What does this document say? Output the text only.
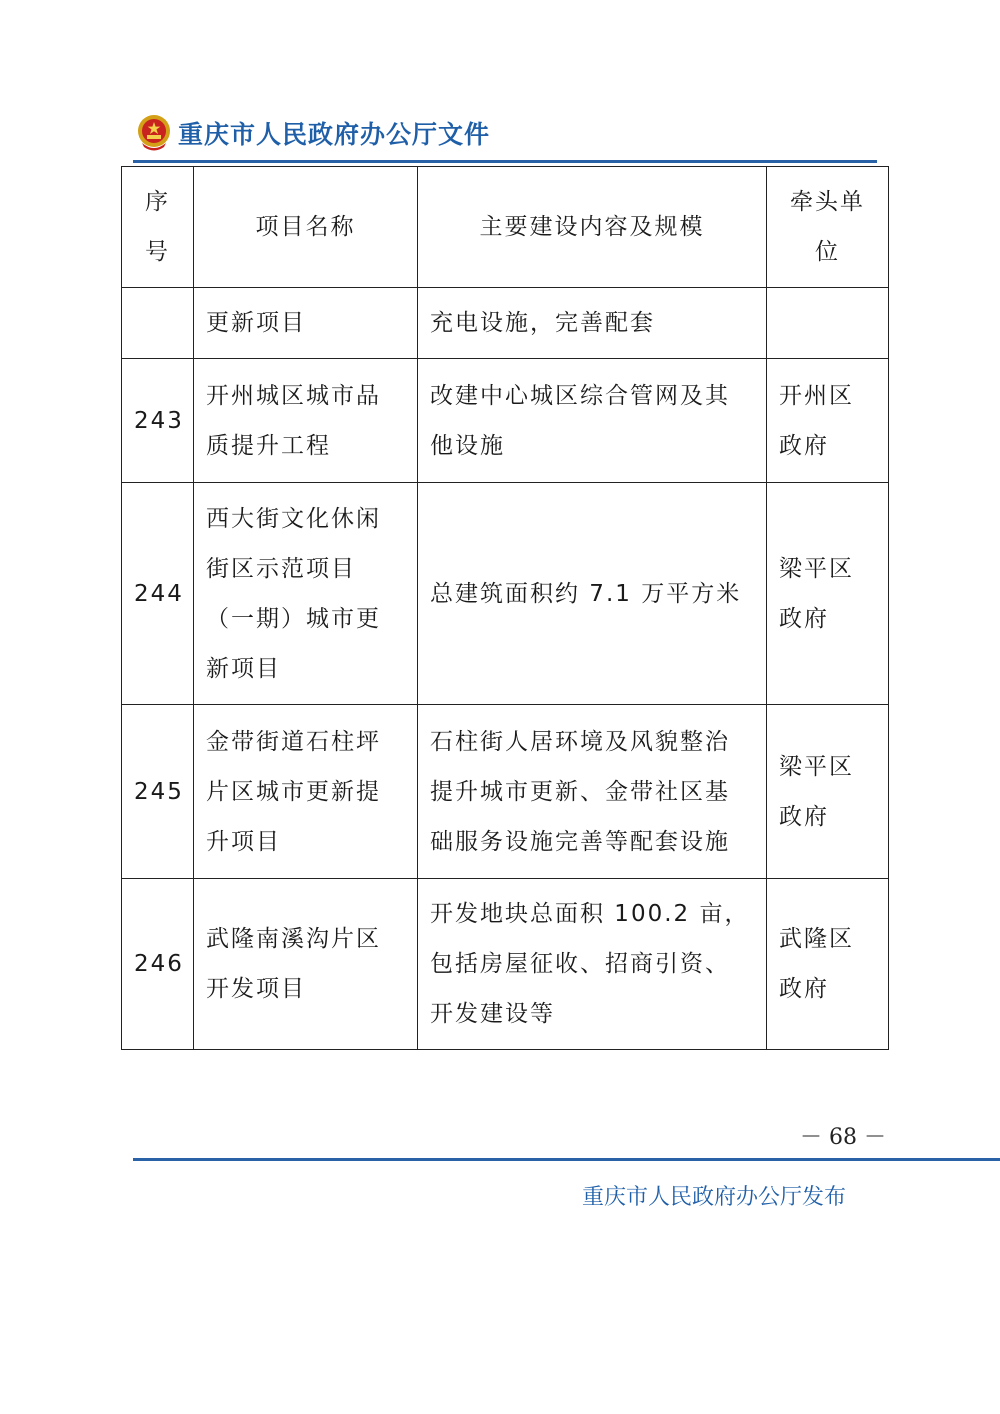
重庆市人民政府办公厅文件
序号	项目名称	主要建设内容及规模	牵头单位
	更新项目	充电设施，完善配套	
243	开州城区城市品质提升工程	改建中心城区综合管网及其他设施	开州区政府
244	西大街文化休闲街区示范项目（一期）城市更新项目	总建筑面积约 7.1 万平方米	梁平区政府
245	金带街道石柱坪片区城市更新提升项目	石柱街人居环境及风貌整治提升城市更新、金带社区基础服务设施完善等配套设施	梁平区政府
246	武隆南溪沟片区开发项目	开发地块总面积 100.2 亩，包括房屋征收、招商引资、开发建设等	武隆区政府
－ 68 －
重庆市人民政府办公厅发布
